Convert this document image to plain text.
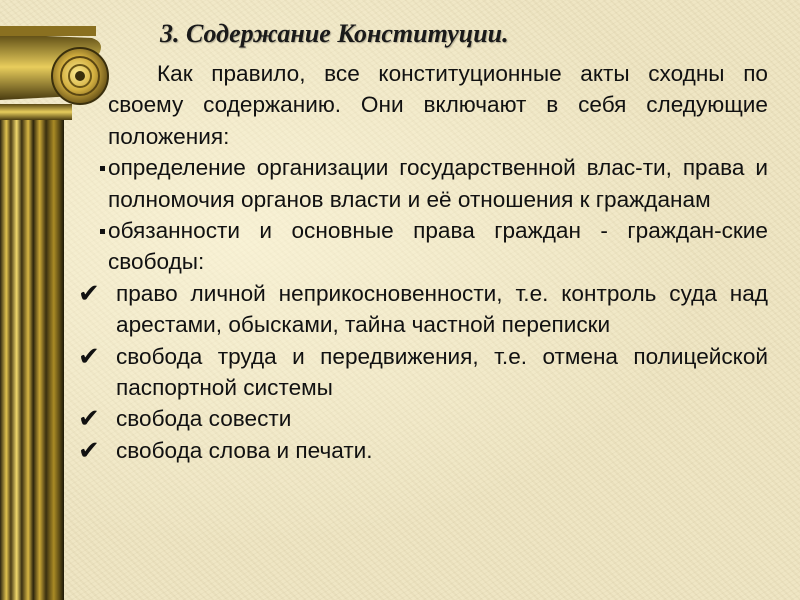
3. Содержание Конституции.

Как правило, все конституционные акты сходны по своему содержанию. Они включают в себя следующие положения:

определение организации государственной влас-ти, права и полномочия органов власти и её отношения к гражданам
обязанности и основные права граждан - граждан-ские свободы:
✔ право личной неприкосновенности, т.е. контроль суда над арестами, обысками, тайна частной переписки
✔ свобода труда и передвижения, т.е. отмена полицейской паспортной системы
✔ свобода совести
✔ свобода слова и печати.
